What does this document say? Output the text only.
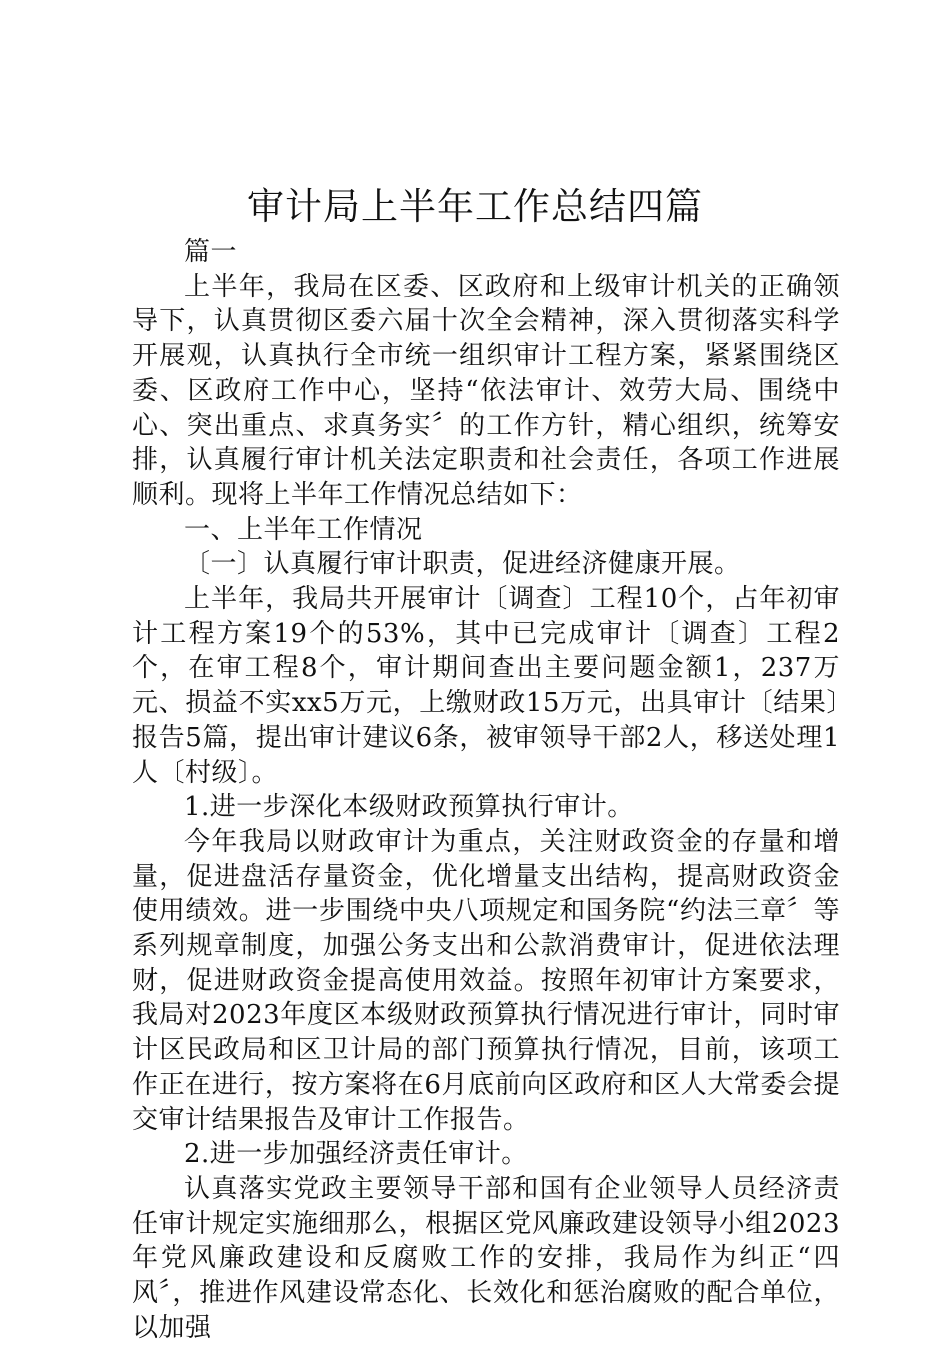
审计局上半年工作总结四篇

篇一

上半年，我局在区委、区政府和上级审计机关的正确领导下，认真贯彻区委六届十次全会精神，深入贯彻落实科学开展观，认真执行全市统一组织审计工程方案，紧紧围绕区委、区政府工作中心，坚持“依法审计、效劳大局、围绕中心、突出重点、求真务实〞的工作方针，精心组织，统筹安排，认真履行审计机关法定职责和社会责任，各项工作进展顺利。现将上半年工作情况总结如下：

一、上半年工作情况

〔一〕认真履行审计职责，促进经济健康开展。

上半年，我局共开展审计〔调查〕工程10个，占年初审计工程方案19个的53%，其中已完成审计〔调查〕工程2个，在审工程8个，审计期间查出主要问题金额1，237万元、损益不实xx5万元，上缴财政15万元，出具审计〔结果〕报告5篇，提出审计建议6条，被审领导干部2人，移送处理1人〔村级〕。

1.进一步深化本级财政预算执行审计。

今年我局以财政审计为重点，关注财政资金的存量和增量，促进盘活存量资金，优化增量支出结构，提高财政资金使用绩效。进一步围绕中央八项规定和国务院“约法三章〞等系列规章制度，加强公务支出和公款消费审计，促进依法理财，促进财政资金提高使用效益。按照年初审计方案要求，我局对2023年度区本级财政预算执行情况进行审计，同时审计区民政局和区卫计局的部门预算执行情况，目前，该项工作正在进行，按方案将在6月底前向区政府和区人大常委会提交审计结果报告及审计工作报告。

2.进一步加强经济责任审计。

认真落实党政主要领导干部和国有企业领导人员经济责任审计规定实施细那么，根据区党风廉政建设领导小组2023年党风廉政建设和反腐败工作的安排，我局作为纠正“四风〞，推进作风建设常态化、长效化和惩治腐败的配合单位，以加强
